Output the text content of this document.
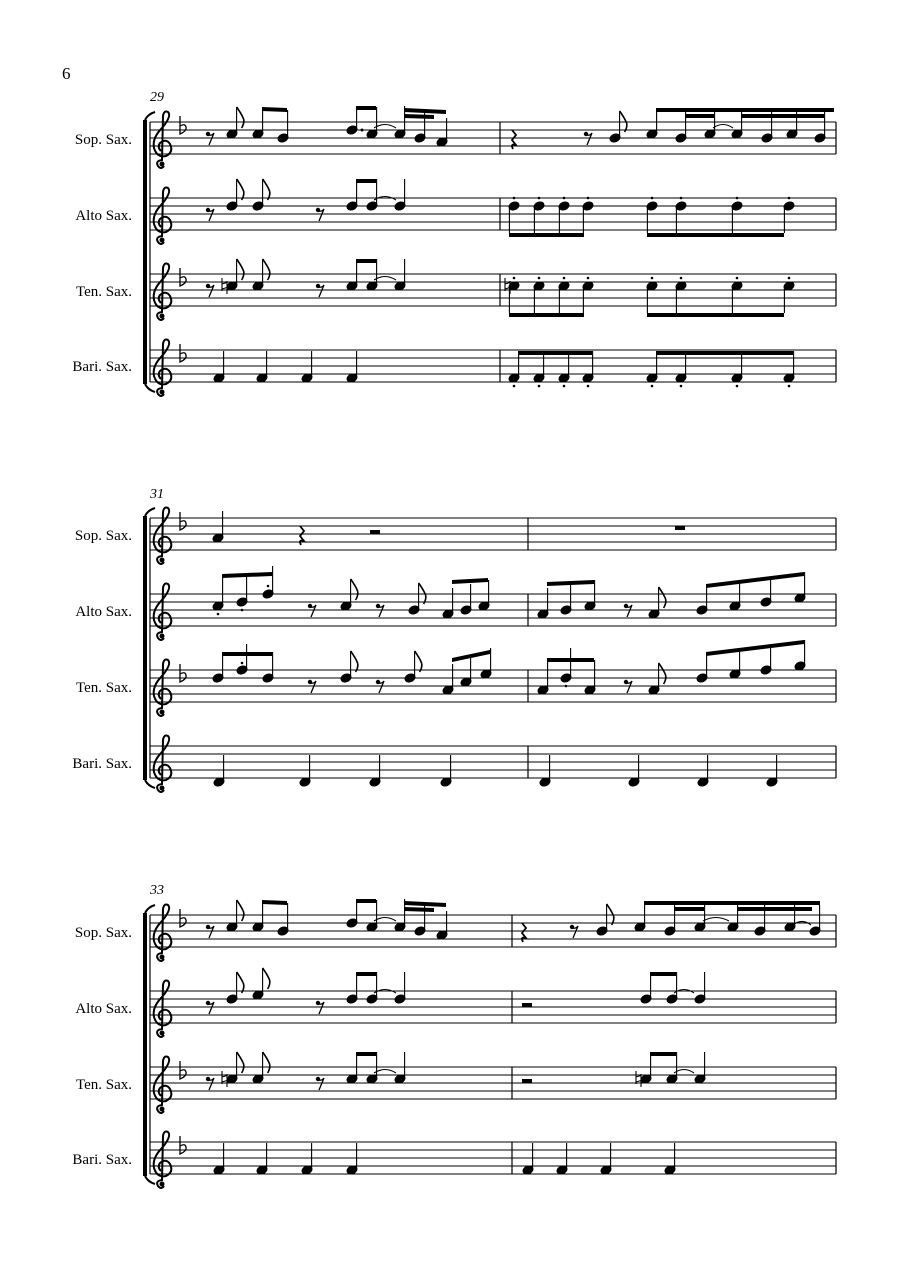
6
29
Sop. Sax.
Alto Sax.
Ten. Sax.
Bari. Sax.
31
Sop. Sax.
Alto Sax.
Ten. Sax.
Bari. Sax.
33
Sop. Sax.
Alto Sax.
Ten. Sax.
Bari. Sax.
